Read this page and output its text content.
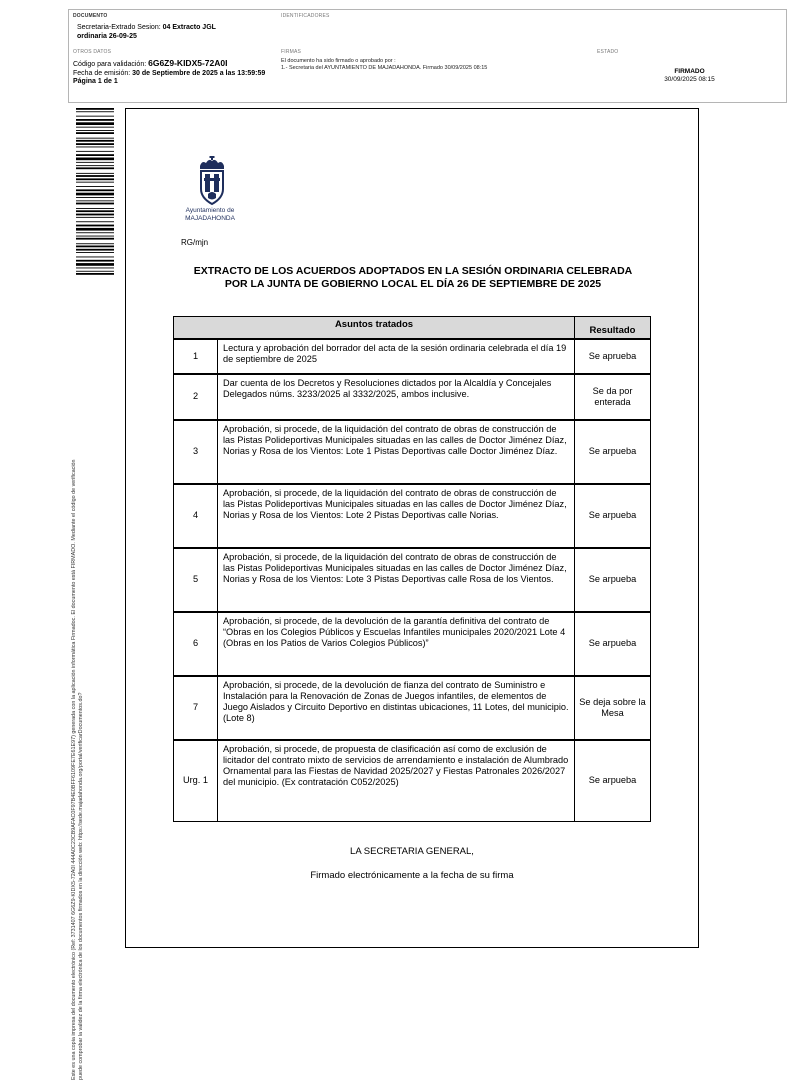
DOCUMENTO
Secretaria-Extrado Sesion: 04 Extracto JGL
ordinaria 26-09-25
IDENTIFICADORES
OTROS DATOS
Código para validación: 6G6Z9-KIDX5-72A0I
Fecha de emisión: 30 de Septiembre de 2025 a las 13:59:59
Página 1 de 1
FIRMAS
El documento ha sido firmado o aprobado por :
1.- Secretaria del AYUNTAMIENTO DE MAJADAHONDA. Firmado 30/09/2025 08:15
ESTADO
FIRMADO
30/09/2025 08:15
Este es una copia impresa del documento electrónico (Ref: 3731407 6G6Z9-KIDX5-72A0I 444A0C23CB9AFAC0F97B4E0BFF6109FE7E61E97) generada con la aplicación informática Firmadoc. El documento está FIRMADO. Mediante el código de verificación puede comprobar la validez de la firma electrónica de los documentos firmados en la dirección web: https://sede.majadahonda.org/portal/verificarDocumentos.do?
Ayuntamiento de
MAJADAHONDA
RG/mjn
EXTRACTO DE LOS ACUERDOS ADOPTADOS EN LA SESIÓN ORDINARIA CELEBRADA
POR LA JUNTA DE GOBIERNO LOCAL EL DÍA 26 DE SEPTIEMBRE DE 2025
Asuntos tratados		Resultado
1	Lectura y aprobación del borrador del acta de la sesión ordinaria celebrada el día 19 de septiembre de 2025	Se aprueba
2	Dar cuenta de los Decretos y Resoluciones dictados por la Alcaldía y Concejales Delegados núms. 3233/2025 al 3332/2025, ambos inclusive.	Se da por enterada
3	Aprobación, si procede, de la liquidación del contrato de obras de construcción de las Pistas Polideportivas Municipales situadas en las calles de Doctor Jiménez Díaz, Norias y Rosa de los Vientos: Lote 1 Pistas Deportivas calle Doctor Jiménez Díaz.	Se arpueba
4	Aprobación, si procede, de la liquidación del contrato de obras de construcción de las Pistas Polideportivas Municipales situadas en las calles de Doctor Jiménez Díaz, Norias y Rosa de los Vientos: Lote 2 Pistas Deportivas calle Norias.	Se arpueba
5	Aprobación, si procede, de la liquidación del contrato de obras de construcción de las Pistas Polideportivas Municipales situadas en las calles de Doctor Jiménez Díaz, Norias y Rosa de los Vientos: Lote 3 Pistas Deportivas calle Rosa de los Vientos.	Se arpueba
6	Aprobación, si procede, de la devolución de la garantía definitiva del contrato de “Obras en los Colegios Públicos y Escuelas Infantiles municipales 2020/2021 Lote 4 (Obras en los Patios de Varios Colegios Públicos)”	Se arpueba
7	Aprobación, si procede, de la devolución de fianza del contrato de Suministro e Instalación para la Renovación de Zonas de Juegos infantiles, de elementos de Juego Aislados y Circuito Deportivo en distintas ubicaciones, 11 Lotes, del municipio. (Lote 8)	Se deja sobre la Mesa
Urg. 1	Aprobación, si procede, de propuesta de clasificación así como de exclusión de licitador del contrato mixto de servicios de arrendamiento e instalación de Alumbrado Ornamental para las Fiestas de Navidad 2025/2027 y Fiestas Patronales 2026/2027 del municipio. (Ex contratación C052/2025)	Se arpueba
LA SECRETARIA GENERAL,
Firmado electrónicamente a la fecha de su firma
